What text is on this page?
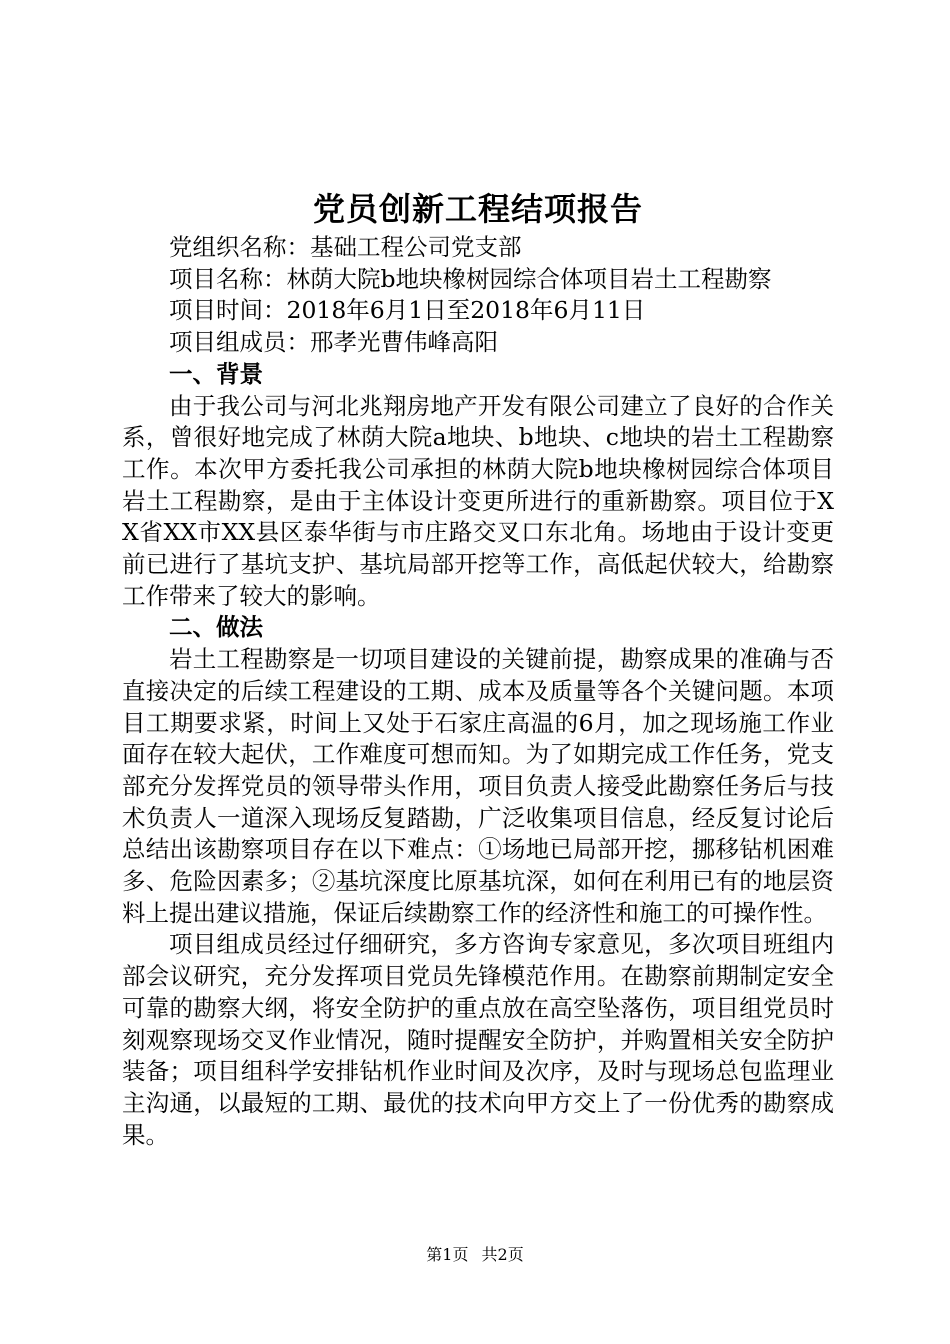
党员创新工程结项报告

党组织名称：基础工程公司党支部

项目名称：林荫大院b地块橡树园综合体项目岩土工程勘察

项目时间：2018年6月1日至2018年6月11日

项目组成员：邢孝光曹伟峰高阳

一、背景

由于我公司与河北兆翔房地产开发有限公司建立了良好的合作关系，曾很好地完成了林荫大院a地块、b地块、c地块的岩土工程勘察工作。本次甲方委托我公司承担的林荫大院b地块橡树园综合体项目岩土工程勘察，是由于主体设计变更所进行的重新勘察。项目位于XX省XX市XX县区泰华街与市庄路交叉口东北角。场地由于设计变更前已进行了基坑支护、基坑局部开挖等工作，高低起伏较大，给勘察工作带来了较大的影响。

二、做法

岩土工程勘察是一切项目建设的关键前提，勘察成果的准确与否直接决定的后续工程建设的工期、成本及质量等各个关键问题。本项目工期要求紧，时间上又处于石家庄高温的6月，加之现场施工作业面存在较大起伏，工作难度可想而知。为了如期完成工作任务，党支部充分发挥党员的领导带头作用，项目负责人接受此勘察任务后与技术负责人一道深入现场反复踏勘，广泛收集项目信息，经反复讨论后总结出该勘察项目存在以下难点：①场地已局部开挖，挪移钻机困难多、危险因素多；②基坑深度比原基坑深，如何在利用已有的地层资料上提出建议措施，保证后续勘察工作的经济性和施工的可操作性。

项目组成员经过仔细研究，多方咨询专家意见，多次项目班组内部会议研究，充分发挥项目党员先锋模范作用。在勘察前期制定安全可靠的勘察大纲，将安全防护的重点放在高空坠落伤，项目组党员时刻观察现场交叉作业情况，随时提醒安全防护，并购置相关安全防护装备；项目组科学安排钻机作业时间及次序，及时与现场总包监理业主沟通，以最短的工期、最优的技术向甲方交上了一份优秀的勘察成果。

第1页 共2页
